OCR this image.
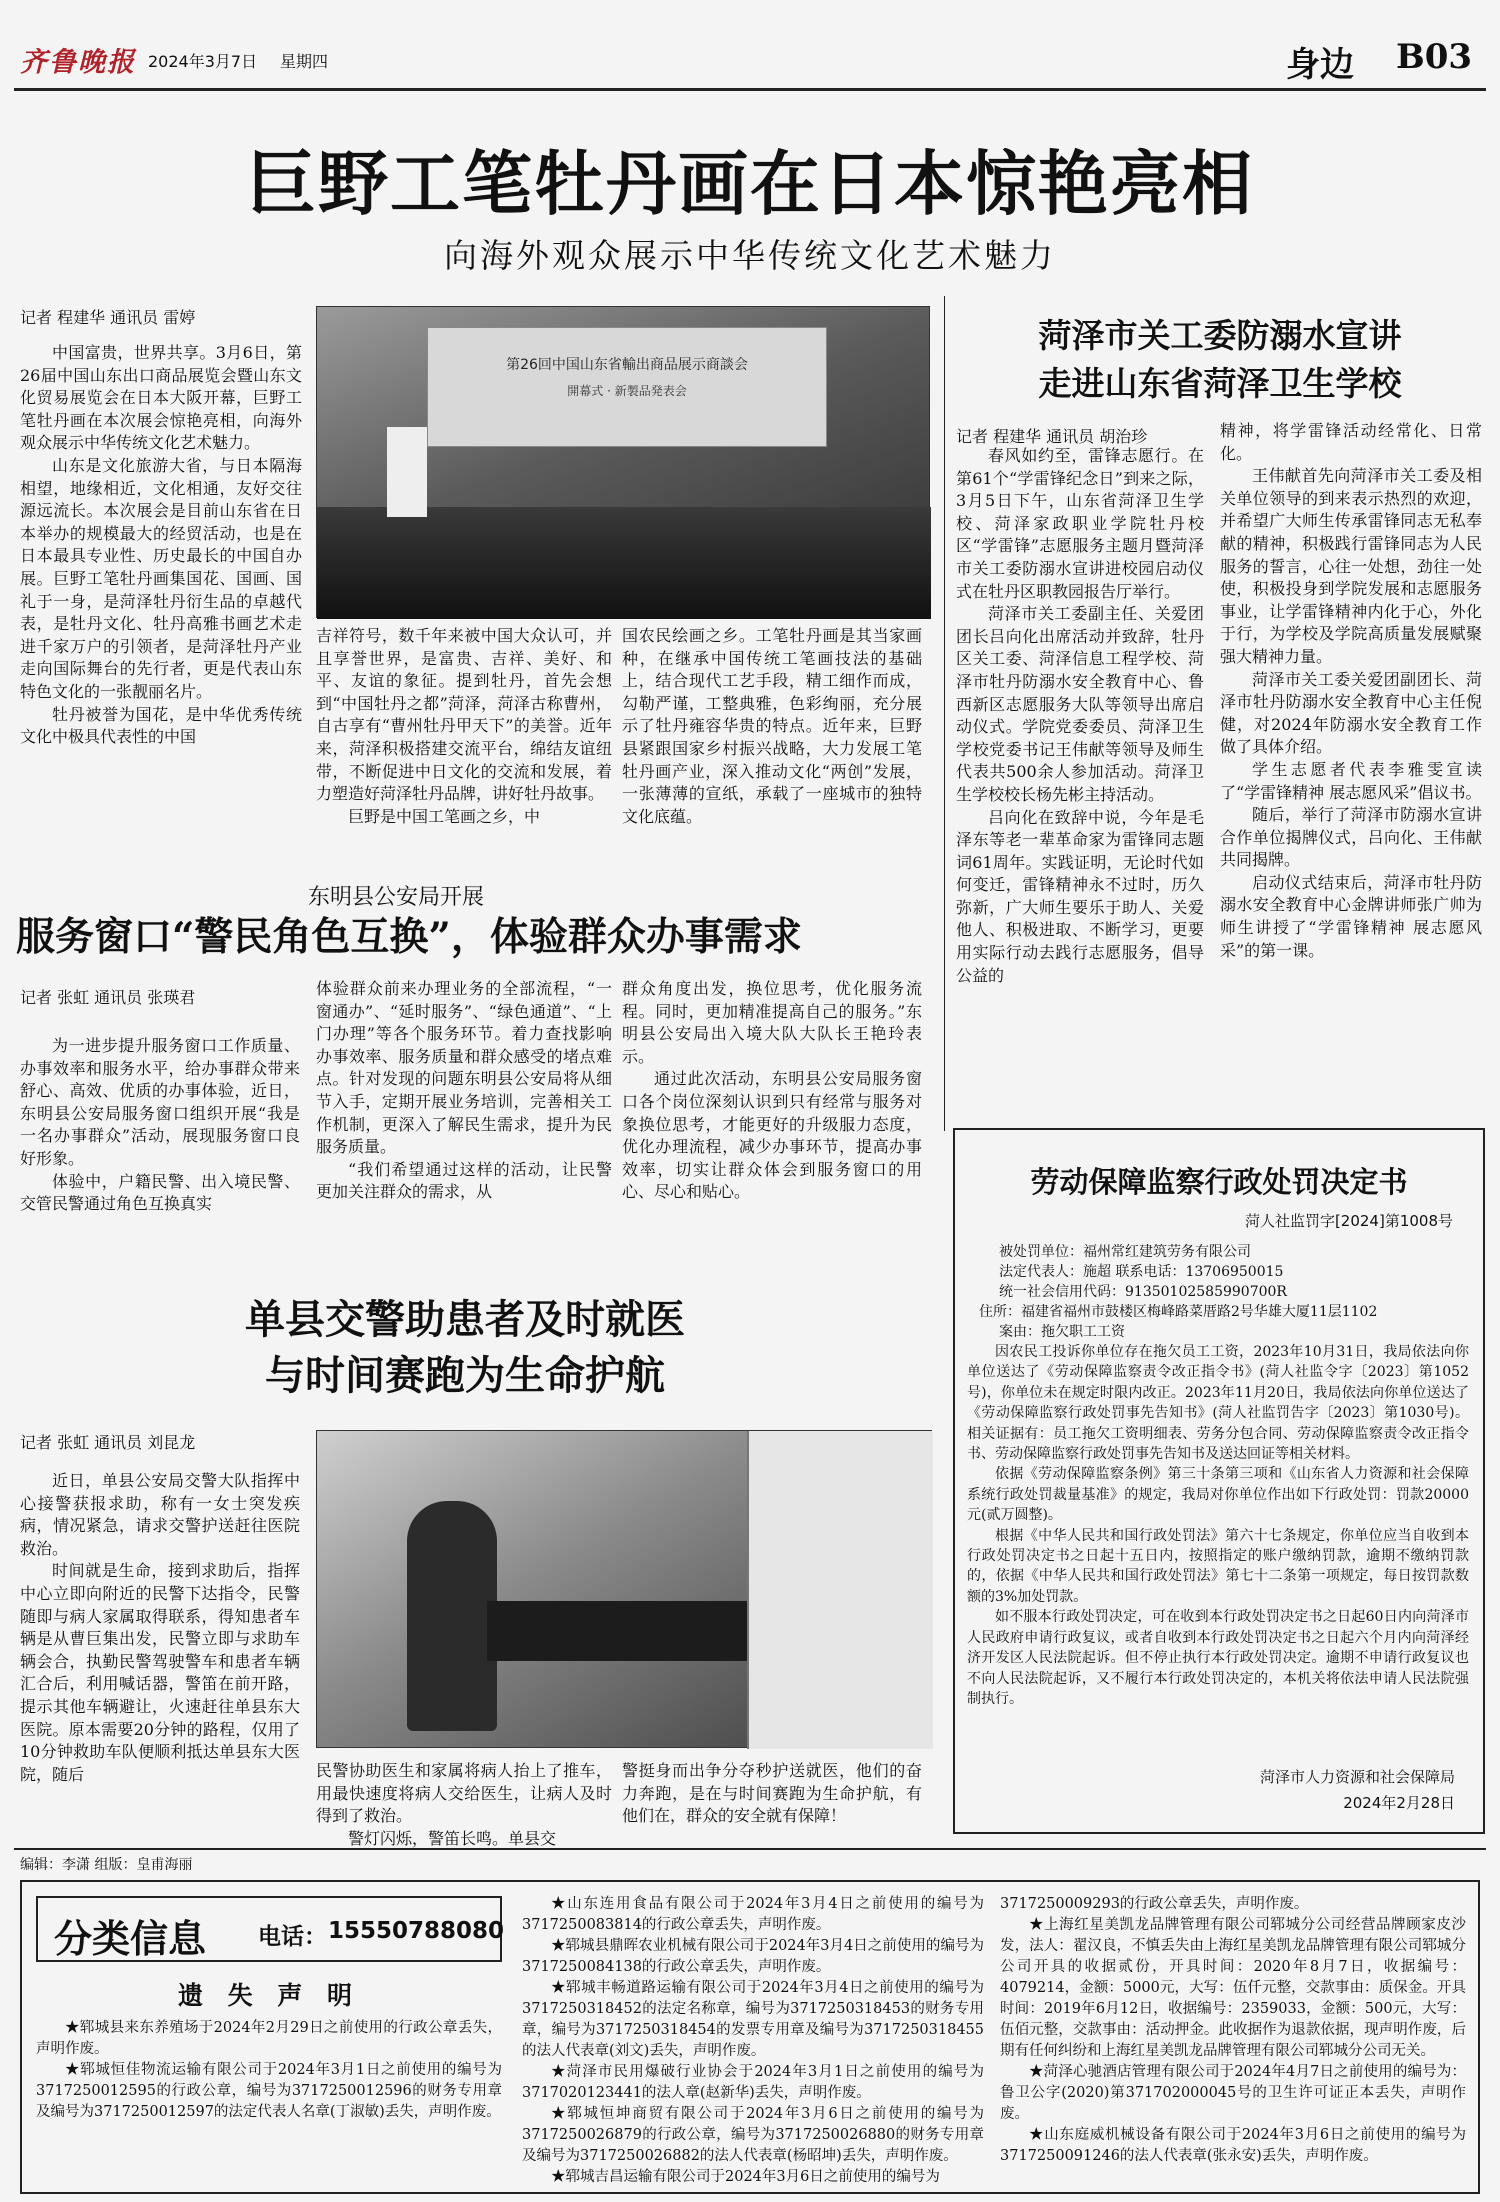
齐鲁晚报 2024年3月7日 星期四	身边 B03
巨野工笔牡丹画在日本惊艳亮相
向海外观众展示中华传统文化艺术魅力
记者 程建华 通讯员 雷婷

中国富贵，世界共享。3月6日，第26届中国山东出口商品展览会暨山东文化贸易展览会在日本大阪开幕，巨野工笔牡丹画在本次展会惊艳亮相，向海外观众展示中华传统文化艺术魅力。

山东是文化旅游大省，与日本隔海相望，地缘相近，文化相通，友好交往源远流长。本次展会是目前山东省在日本举办的规模最大的经贸活动，也是在日本最具专业性、历史最长的中国自办展。巨野工笔牡丹画集国花、国画、国礼于一身，是菏泽牡丹衍生品的卓越代表，是牡丹文化、牡丹高雅书画艺术走进千家万户的引领者，是菏泽牡丹产业走向国际舞台的先行者，更是代表山东特色文化的一张靓丽名片。

牡丹被誉为国花，是中华优秀传统文化中极具代表性的中国

第26回中国山东省輸出商品展示商談会
開幕式 · 新製品発表会

吉祥符号，数千年来被中国大众认可，并且享誉世界，是富贵、吉祥、美好、和平、友谊的象征。提到牡丹，首先会想到“中国牡丹之都”菏泽，菏泽古称曹州，自古享有“曹州牡丹甲天下”的美誉。近年来，菏泽积极搭建交流平台，绵结友谊纽带，不断促进中日文化的交流和发展，着力塑造好菏泽牡丹品牌，讲好牡丹故事。

巨野是中国工笔画之乡，中

国农民绘画之乡。工笔牡丹画是其当家画种，在继承中国传统工笔画技法的基础上，结合现代工艺手段，精工细作而成，勾勒严谨，工整典雅，色彩绚丽，充分展示了牡丹雍容华贵的特点。近年来，巨野县紧跟国家乡村振兴战略，大力发展工笔牡丹画产业，深入推动文化“两创”发展，一张薄薄的宣纸，承载了一座城市的独特文化底蕴。

东明县公安局开展
服务窗口“警民角色互换”，体验群众办事需求
记者 张虹 通讯员 张瑛君

为一进步提升服务窗口工作质量、办事效率和服务水平，给办事群众带来舒心、高效、优质的办事体验，近日，东明县公安局服务窗口组织开展“我是一名办事群众”活动，展现服务窗口良好形象。

体验中，户籍民警、出入境民警、交管民警通过角色互换真实

体验群众前来办理业务的全部流程，“一窗通办”、“延时服务”、“绿色通道”、“上门办理”等各个服务环节。着力查找影响办事效率、服务质量和群众感受的堵点难点。针对发现的问题东明县公安局将从细节入手，定期开展业务培训，完善相关工作机制，更深入了解民生需求，提升为民服务质量。

“我们希望通过这样的活动，让民警更加关注群众的需求，从

群众角度出发，换位思考，优化服务流程。同时，更加精准提高自己的服务。”东明县公安局出入境大队大队长王艳玲表示。

通过此次活动，东明县公安局服务窗口各个岗位深刻认识到只有经常与服务对象换位思考，才能更好的升级服力态度，优化办理流程，减少办事环节，提高办事效率，切实让群众体会到服务窗口的用心、尽心和贴心。

单县交警助患者及时就医
与时间赛跑为生命护航
记者 张虹 通讯员 刘昆龙

近日，单县公安局交警大队指挥中心接警获报求助，称有一女士突发疾病，情况紧急，请求交警护送赶往医院救治。

时间就是生命，接到求助后，指挥中心立即向附近的民警下达指令，民警随即与病人家属取得联系，得知患者车辆是从曹巨集出发，民警立即与求助车辆会合，执勤民警驾驶警车和患者车辆汇合后，利用喊话器，警笛在前开路，提示其他车辆避让，火速赶往单县东大医院。原本需要20分钟的路程，仅用了10分钟救助车队便顺利抵达单县东大医院，随后	民警协助医生和家属将病人抬上了推车，用最快速度将病人交给医生，让病人及时得到了救治。

警灯闪烁，警笛长鸣。单县交

警挺身而出争分夺秒护送就医，他们的奋力奔跑，是在与时间赛跑为生命护航，有他们在，群众的安全就有保障！

菏泽市关工委防溺水宣讲
走进山东省菏泽卫生学校
记者 程建华 通讯员 胡治珍

春风如约至，雷锋志愿行。在第61个“学雷锋纪念日”到来之际，3月5日下午，山东省菏泽卫生学校、菏泽家政职业学院牡丹校区“学雷锋”志愿服务主题月暨菏泽市关工委防溺水宣讲进校园启动仪式在牡丹区职教园报告厅举行。

菏泽市关工委副主任、关爱团团长吕向化出席活动并致辞，牡丹区关工委、菏泽信息工程学校、菏泽市牡丹防溺水安全教育中心、鲁西新区志愿服务大队等领导出席启动仪式。学院党委委员、菏泽卫生学校党委书记王伟献等领导及师生代表共500余人参加活动。菏泽卫生学校校长杨先彬主持活动。

吕向化在致辞中说，今年是毛泽东等老一辈革命家为雷锋同志题词61周年。实践证明，无论时代如何变迁，雷锋精神永不过时，历久弥新，广大师生要乐于助人、关爱他人、积极进取、不断学习，更要用实际行动去践行志愿服务，倡导公益的

精神，将学雷锋活动经常化、日常化。

王伟献首先向菏泽市关工委及相关单位领导的到来表示热烈的欢迎，并希望广大师生传承雷锋同志无私奉献的精神，积极践行雷锋同志为人民服务的誓言，心往一处想，劲往一处使，积极投身到学院发展和志愿服务事业，让学雷锋精神内化于心，外化于行，为学校及学院高质量发展赋聚强大精神力量。

菏泽市关工委关爱团副团长、菏泽市牡丹防溺水安全教育中心主任倪健，对2024年防溺水安全教育工作做了具体介绍。

学生志愿者代表李雅雯宣读了“学雷锋精神 展志愿风采”倡议书。

随后，举行了菏泽市防溺水宣讲合作单位揭牌仪式，吕向化、王伟献共同揭牌。

启动仪式结束后，菏泽市牡丹防溺水安全教育中心金牌讲师张广帅为师生讲授了“学雷锋精神 展志愿风采”的第一课。

劳动保障监察行政处罚决定书
菏人社监罚字[2024]第1008号
被处罚单位：福州常红建筑劳务有限公司
法定代表人：施超 联系电话：13706950015
统一社会信用代码：91350102585990700R
住所：福建省福州市鼓楼区梅峰路菜厝路2号华雄大厦11层1102
案由：拖欠职工工资

因农民工投诉你单位存在拖欠员工工资，2023年10月31日，我局依法向你单位送达了《劳动保障监察责令改正指令书》(菏人社监令字〔2023〕第1052号)，你单位未在规定时限内改正。2023年11月20日，我局依法向你单位送达了《劳动保障监察行政处罚事先告知书》(菏人社监罚告字〔2023〕第1030号)。相关证据有：员工拖欠工资明细表、劳务分包合同、劳动保障监察责令改正指令书、劳动保障监察行政处罚事先告知书及送达回证等相关材料。

依据《劳动保障监察条例》第三十条第三项和《山东省人力资源和社会保障系统行政处罚裁量基准》的规定，我局对你单位作出如下行政处罚：罚款20000元(贰万圆整)。

根据《中华人民共和国行政处罚法》第六十七条规定，你单位应当自收到本行政处罚决定书之日起十五日内，按照指定的账户缴纳罚款，逾期不缴纳罚款的，依据《中华人民共和国行政处罚法》第七十二条第一项规定，每日按罚款数额的3%加处罚款。

如不服本行政处罚决定，可在收到本行政处罚决定书之日起60日内向菏泽市人民政府申请行政复议，或者自收到本行政处罚决定书之日起六个月内向菏泽经济开发区人民法院起诉。但不停止执行本行政处罚决定。逾期不申请行政复议也不向人民法院起诉，又不履行本行政处罚决定的，本机关将依法申请人民法院强制执行。

菏泽市人力资源和社会保障局
2024年2月28日
编辑：李潇 组版：皇甫海丽
分类信息 电话： 15550788080
遗 失 声 明

★郓城县来东养殖场于2024年2月29日之前使用的行政公章丢失，声明作废。

★郓城恒佳物流运输有限公司于2024年3月1日之前使用的编号为3717250012595的行政公章，编号为3717250012596的财务专用章及编号为3717250012597的法定代表人名章(丁淑敏)丢失，声明作废。

★山东连用食品有限公司于2024年3月4日之前使用的编号为3717250083814的行政公章丢失，声明作废。

★郓城县鼎晖农业机械有限公司于2024年3月4日之前使用的编号为3717250084138的行政公章丢失，声明作废。

★郓城丰畅道路运输有限公司于2024年3月4日之前使用的编号为3717250318452的法定名称章，编号为3717250318453的财务专用章，编号为3717250318454的发票专用章及编号为3717250318455的法人代表章(刘文)丢失，声明作废。

★菏泽市民用爆破行业协会于2024年3月1日之前使用的编号为3717020123441的法人章(赵新华)丢失，声明作废。

★郓城恒坤商贸有限公司于2024年3月6日之前使用的编号为3717250026879的行政公章，编号为3717250026880的财务专用章及编号为3717250026882的法人代表章(杨昭坤)丢失，声明作废。

★郓城吉昌运输有限公司于2024年3月6日之前使用的编号为

3717250009293的行政公章丢失，声明作废。

★上海红星美凯龙品牌管理有限公司郓城分公司经营品牌顾家皮沙发，法人：翟汉良，不慎丢失由上海红星美凯龙品牌管理有限公司郓城分公司开具的收据贰份，开具时间：2020年8月7日，收据编号：4079214，金额：5000元，大写：伍仟元整，交款事由：质保金。开具时间：2019年6月12日，收据编号：2359033，金额：500元，大写：伍佰元整，交款事由：活动押金。此收据作为退款依据，现声明作废，后期有任何纠纷和上海红星美凯龙品牌管理有限公司郓城分公司无关。

★菏泽心驰酒店管理有限公司于2024年4月7日之前使用的编号为：鲁卫公字(2020)第371702000045号的卫生许可证正本丢失，声明作废。

★山东庭威机械设备有限公司于2024年3月6日之前使用的编号为3717250091246的法人代表章(张永安)丢失，声明作废。
